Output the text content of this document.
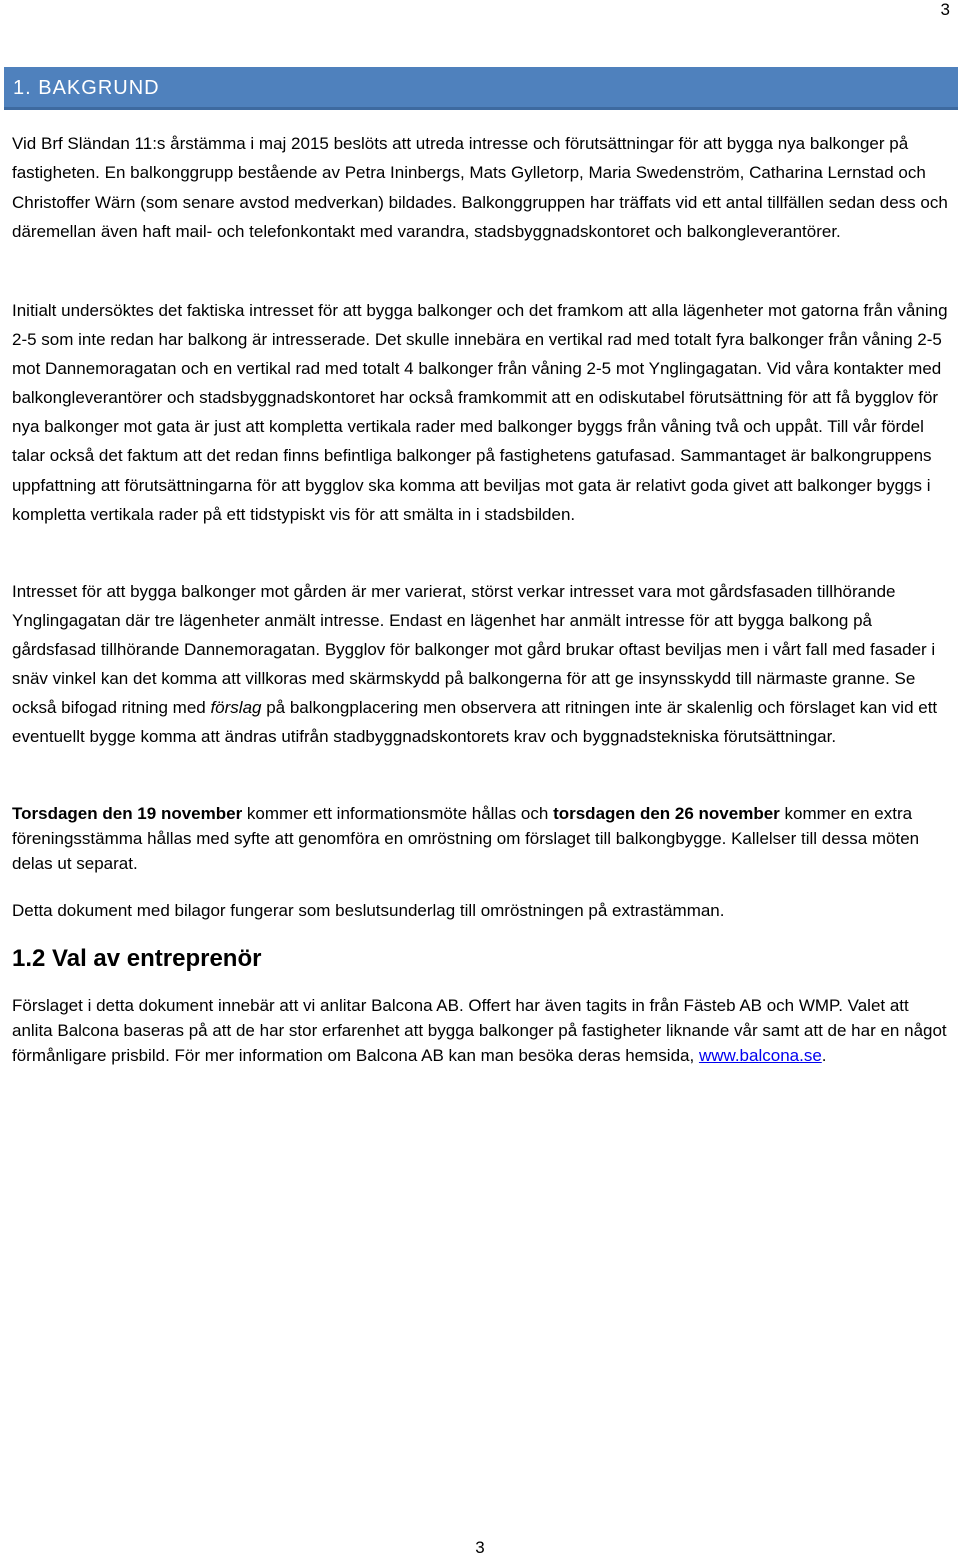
3
1. BAKGRUND

Vid Brf Sländan 11:s årstämma i maj 2015 beslöts att utreda intresse och förutsättningar för att bygga nya balkonger på fastigheten. En balkonggrupp bestående av Petra Ininbergs, Mats Gylletorp, Maria Swedenström, Catharina Lernstad och Christoffer Wärn (som senare avstod medverkan) bildades. Balkonggruppen har träffats vid ett antal tillfällen sedan dess och däremellan även haft mail- och telefonkontakt med varandra, stadsbyggnadskontoret och balkongleverantörer.

Initialt undersöktes det faktiska intresset för att bygga balkonger och det framkom att alla lägenheter mot gatorna från våning 2-5 som inte redan har balkong är intresserade. Det skulle innebära en vertikal rad med totalt fyra balkonger från våning 2-5 mot Dannemoragatan och en vertikal rad med totalt 4 balkonger från våning 2-5 mot Ynglingagatan. Vid våra kontakter med balkongleverantörer och stadsbyggnadskontoret har också framkommit att en odiskutabel förutsättning för att få bygglov för nya balkonger mot gata är just att kompletta vertikala rader med balkonger byggs från våning två och uppåt. Till vår fördel talar också det faktum att det redan finns befintliga balkonger på fastighetens gatufasad. Sammantaget är balkongruppens uppfattning att förutsättningarna för att bygglov ska komma att beviljas mot gata är relativt goda givet att balkonger byggs i kompletta vertikala rader på ett tidstypiskt vis för att smälta in i stadsbilden.

Intresset för att bygga balkonger mot gården är mer varierat, störst verkar intresset vara mot gårdsfasaden tillhörande Ynglingagatan där tre lägenheter anmält intresse. Endast en lägenhet har anmält intresse för att bygga balkong på gårdsfasad tillhörande Dannemoragatan. Bygglov för balkonger mot gård brukar oftast beviljas men i vårt fall med fasader i snäv vinkel kan det komma att villkoras med skärmskydd på balkongerna för att ge insynsskydd till närmaste granne. Se också bifogad ritning med förslag på balkongplacering men observera att ritningen inte är skalenlig och förslaget kan vid ett eventuellt bygge komma att ändras utifrån stadbyggnadskontorets krav och byggnadstekniska förutsättningar.

Torsdagen den 19 november kommer ett informationsmöte hållas och torsdagen den 26 november kommer en extra föreningsstämma hållas med syfte att genomföra en omröstning om förslaget till balkongbygge. Kallelser till dessa möten delas ut separat.

Detta dokument med bilagor fungerar som beslutsunderlag till omröstningen på extrastämman.

1.2 Val av entreprenör

Förslaget i detta dokument innebär att vi anlitar Balcona AB. Offert har även tagits in från Fästeb AB och WMP. Valet att anlita Balcona baseras på att de har stor erfarenhet att bygga balkonger på fastigheter liknande vår samt att de har en något förmånligare prisbild. För mer information om Balcona AB kan man besöka deras hemsida, www.balcona.se.

3
